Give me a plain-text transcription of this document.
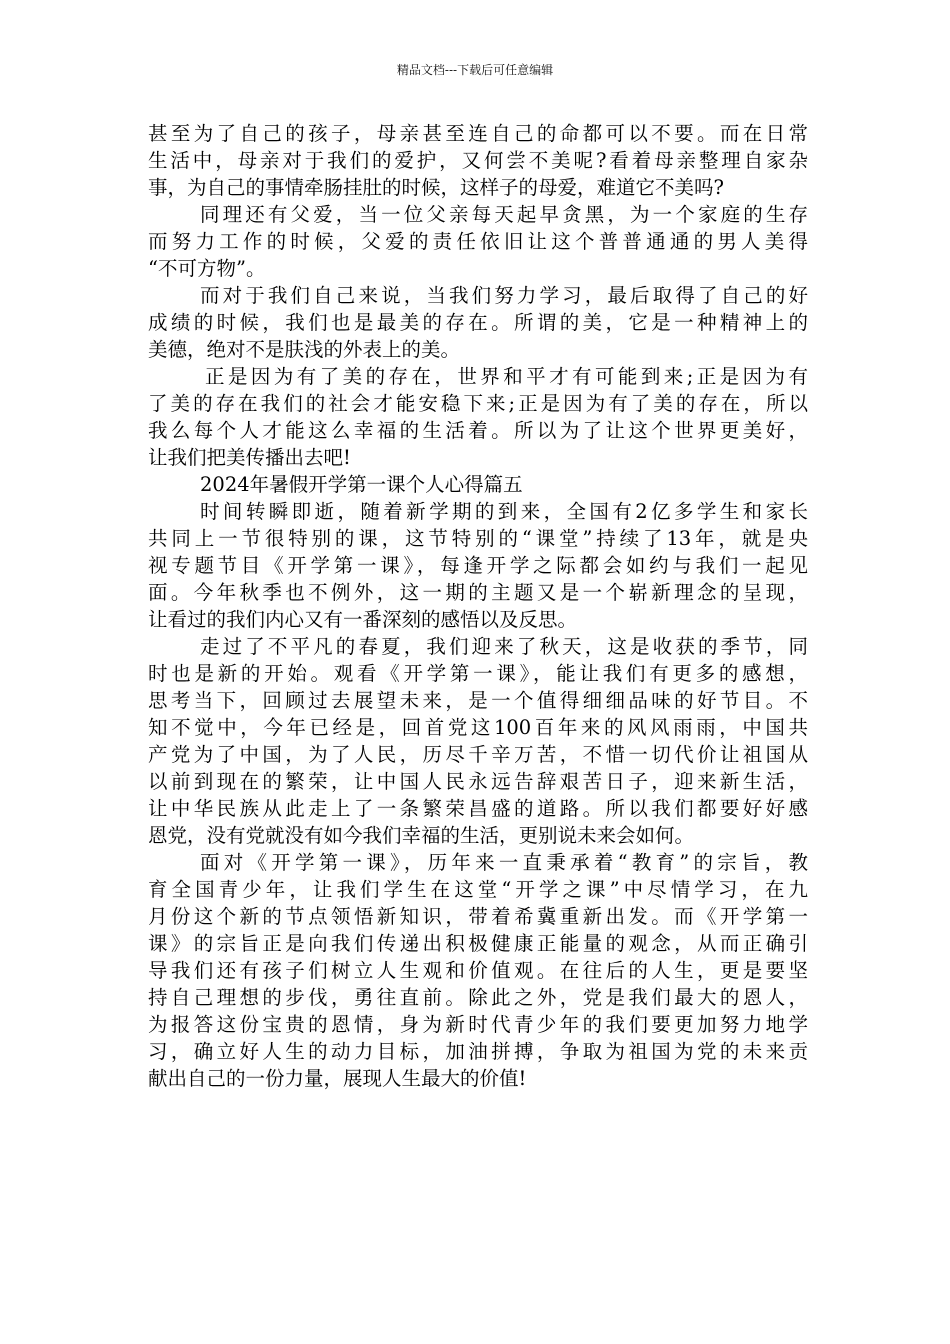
精品文档---下载后可任意编辑
甚至为了自己的孩子，母亲甚至连自己的命都可以不要。而在日常
生活中，母亲对于我们的爱护，又何尝不美呢?看着母亲整理自家杂
事，为自己的事情牵肠挂肚的时候，这样子的母爱，难道它不美吗?
同理还有父爱，当一位父亲每天起早贪黑，为一个家庭的生存
而努力工作的时候，父爱的责任依旧让这个普普通通的男人美得
“不可方物”。
而对于我们自己来说，当我们努力学习，最后取得了自己的好
成绩的时候，我们也是最美的存在。所谓的美，它是一种精神上的
美德，绝对不是肤浅的外表上的美。
正是因为有了美的存在，世界和平才有可能到来;正是因为有
了美的存在我们的社会才能安稳下来;正是因为有了美的存在，所以
我么每个人才能这么幸福的生活着。所以为了让这个世界更美好，
让我们把美传播出去吧!
2024年暑假开学第一课个人心得篇五
时间转瞬即逝，随着新学期的到来，全国有2亿多学生和家长
共同上一节很特别的课，这节特别的“课堂”持续了13年，就是央
视专题节目《开学第一课》，每逢开学之际都会如约与我们一起见
面。今年秋季也不例外，这一期的主题又是一个崭新理念的呈现，
让看过的我们内心又有一番深刻的感悟以及反思。
走过了不平凡的春夏，我们迎来了秋天，这是收获的季节，同
时也是新的开始。观看《开学第一课》，能让我们有更多的感想，
思考当下，回顾过去展望未来，是一个值得细细品味的好节目。不
知不觉中，今年已经是，回首党这100百年来的风风雨雨，中国共
产党为了中国，为了人民，历尽千辛万苦，不惜一切代价让祖国从
以前到现在的繁荣，让中国人民永远告辞艰苦日子，迎来新生活，
让中华民族从此走上了一条繁荣昌盛的道路。所以我们都要好好感
恩党，没有党就没有如今我们幸福的生活，更别说未来会如何。
面对《开学第一课》，历年来一直秉承着“教育”的宗旨，教
育全国青少年，让我们学生在这堂“开学之课”中尽情学习，在九
月份这个新的节点领悟新知识，带着希冀重新出发。而《开学第一
课》的宗旨正是向我们传递出积极健康正能量的观念，从而正确引
导我们还有孩子们树立人生观和价值观。在往后的人生，更是要坚
持自己理想的步伐，勇往直前。除此之外，党是我们最大的恩人，
为报答这份宝贵的恩情，身为新时代青少年的我们要更加努力地学
习，确立好人生的动力目标，加油拼搏，争取为祖国为党的未来贡
献出自己的一份力量，展现人生最大的价值!
